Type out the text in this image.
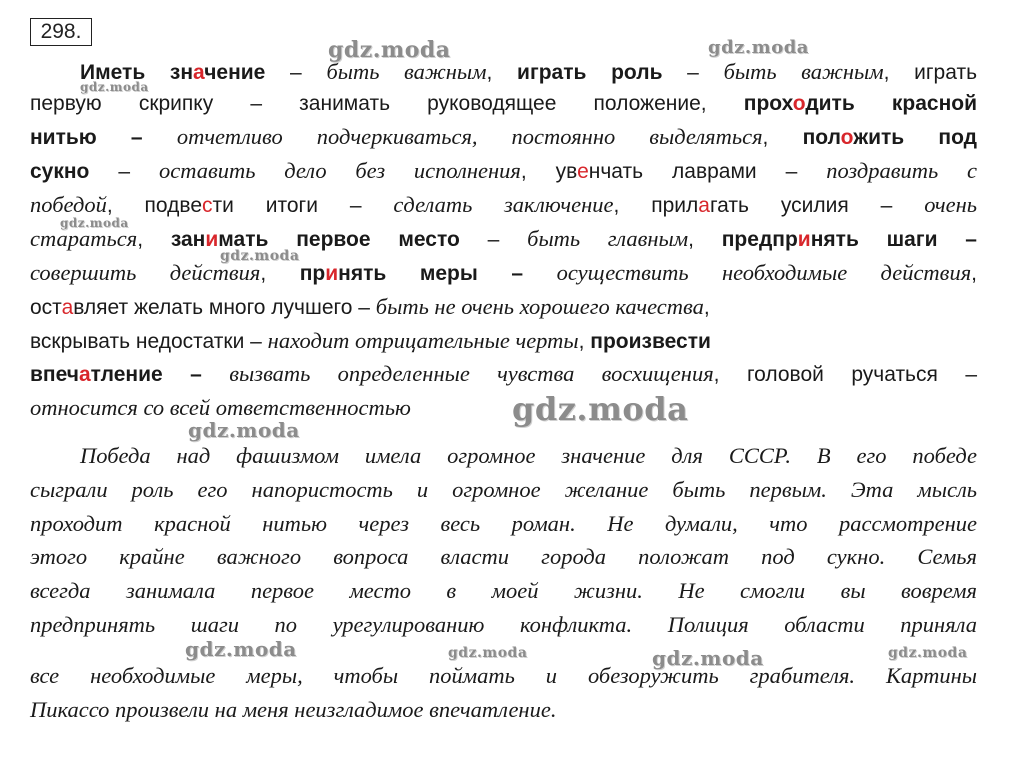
298.
Иметь значение – быть важным, играть роль – быть важным, играть
первую скрипку – занимать руководящее положение, проходить красной
нитью – отчетливо подчеркиваться, постоянно выделяться, положить под
сукно – оставить дело без исполнения, увенчать лаврами – поздравить с
победой, подвести итоги – сделать заключение, прилагать усилия – очень
стараться, занимать первое место – быть главным, предпринять шаги –
совершить действия, принять меры – осуществить необходимые действия,
оставляет желать много лучшего – быть не очень хорошего качества,
вскрывать недостатки – находит отрицательные черты, произвести
впечатление – вызвать определенные чувства восхищения, головой ручаться –
относится со всей ответственностью
Победа над фашизмом имела огромное значение для СССР. В его победе
сыграли роль его напористость и огромное желание быть первым. Эта мысль
проходит красной нитью через весь роман. Не думали, что рассмотрение
этого крайне важного вопроса власти города положат под сукно. Семья
всегда занимала первое место в моей жизни. Не смогли вы вовремя
предпринять шаги по урегулированию конфликта. Полиция области приняла
все необходимые меры, чтобы поймать и обезоружить грабителя. Картины
Пикассо произвели на меня неизгладимое впечатление.
gdz.moda	gdz.moda
gdz.moda
gdz.moda
gdz.moda
gdz.moda
gdz.moda
gdz.moda	gdz.moda	gdz.moda	gdz.moda
